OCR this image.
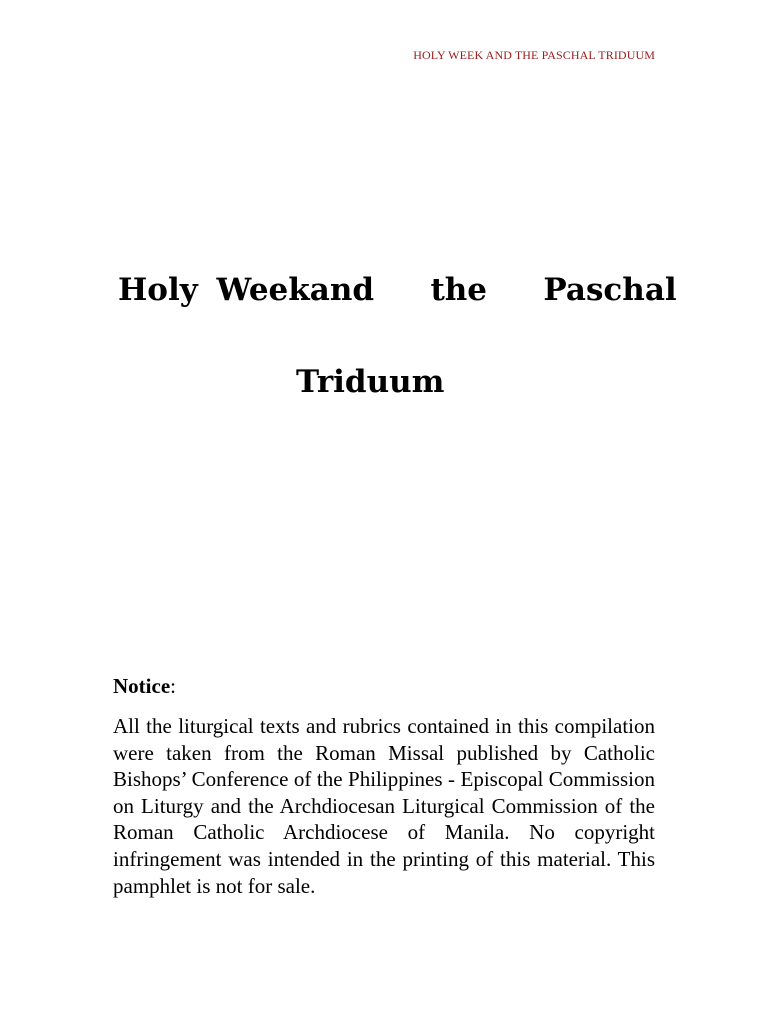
HOLY WEEK AND THE PASCHAL TRIDUUM
Holy Weekand   the   Paschal
Triduum

Notice:

All the liturgical texts and rubrics contained in this compilation were taken from the Roman Missal published by Catholic Bishops’ Conference of the Philippines - Episcopal Commission on Liturgy and the Archdiocesan Liturgical Commission of the Roman Catholic Archdiocese of Manila. No copyright infringement was intended in the printing of this material. This pamphlet is not for sale.
